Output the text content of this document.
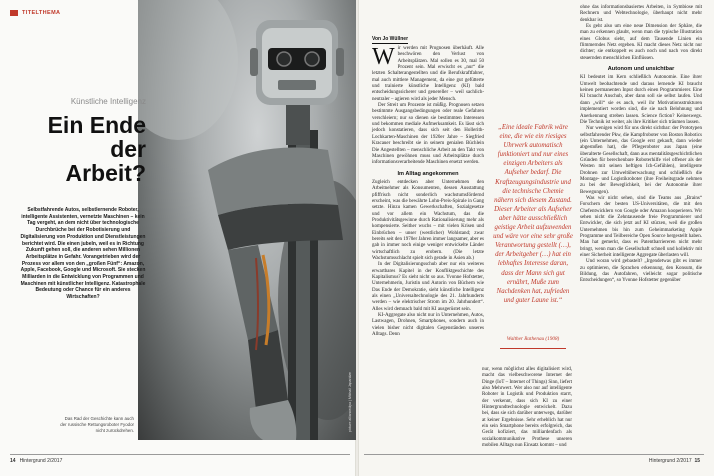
TITELTHEMA
picture alliance/dpa | Mikhail Japaridze
Künstliche Intelligenz
Ein Ende
der
Arbeit?
Selbstfahrende Autos, selbstlernende Roboter, intelligente Assistenten, vernetzte Maschinen – kein Tag vergeht, an dem nicht über technologische Durchbrüche bei der Robotisierung und Digitalisierung von Produktion und Dienstleistungen berichtet wird. Die einen jubeln, weil es in Richtung Zukunft gehen soll, die anderen sehen Millionen Arbeitsplätze in Gefahr. Vorangetrieben wird der Prozess vor allem von den „großen Fünf“: Amazon, Apple, Facebook, Google und Microsoft. Sie stecken Milliarden in die Entwicklung von Programmen und Maschinen mit künstlicher Intelligenz. Katastrophale Bedeutung oder Chance für ein anderes Wirtschaften?
Das Rad der Geschichte kann auch der russische Rettungsroboter Fyodor nicht zurückdrehen.
Von Jo Wüllner

Wir werden mit Prognosen überhäuft. Alle beschwören den Verlust von Arbeitsplätzen. Mal sollen es 30, mal 50 Prozent sein. Mal erwischt es „nur“ die letzten Schalterangestellten und die Berufskraftfahrer, mal auch mittlere Management, da eine gut gefütterte und trainierte künstliche Intelligenz (KI) bald entscheidungssicherer und genereller – weil sachlich-neutraler – agieren wird als jeder Mensch.

Der Streit um Prozente ist müßig. Prognosen setzen bestimmte Ausgangsbedingungen oder reale Gefahren verschleiern; nur so dienen sie bestimmten Interessen und bekommen mediale Aufmerksamkeit. Es lässt sich jedoch konstatieren, dass sich seit den Hollerith-Lochkarten-Maschinen der 1920er Jahre – Siegfried Kracauer beschreibt sie in seinem genialen Büchlein Die Angestellten – menschliche Arbeit an den Takt von Maschinen gewöhnen muss und Arbeitsplätze durch informationsverarbeitende Maschinen ersetzt werden.

Im Alltag angekommen

Zugleich entdecken aber Unternehmen den Arbeitnehmer als Konsumenten, dessen Ausstattung pfiffrisch nicht sonderlich wachstumsfördernd erscheint, was die bewährte Lohn-Preis-Spirale in Gang setzte. Hinzu kamen Gewerkschaften, Sozialgesetze und vor allem ein Wachstum, das die Produktivitätsgewinne durch Rationalisierung mehr als kompensierte. Seither wuchs – mit vielen Krisen und Einbrüchen – unser (westlicher) Wohlstand; zwar bereits seit den 1970er Jahren immer langsamer, aber es gab in immer noch einige weniger entwickelte Länder wirtschaftlich zu erobern. (Die letzte Wachstumsschlacht spielt sich gerade in Asien ab.)

In der Digitalisierungsschub aber nur ein weiteres erwartbares Kapitel in der Konfliktgeschichte des Kapitalismus? Es sieht nicht so aus. Yvonne Hofstetter, Unternehmerin, Juristin und Autorin von Büchern wie Das Ende der Demokratie, sieht künstliche Intelligenz als einen „Universaltechnologie des 21. Jahrhunderts werden – wie elektrischer Strom im 20. Jahrhundert“. Alles wird demnach bald mit KI ausgerüstet sein.

KI-Aggregate also nicht nur in Unternehmen, Autos, Lastwagen, Drohnen, Smartphones, sondern auch in vielen bisher nicht digitalen Gegenständen unseres Alltags. Denn

„Eine ideale Fabrik wäre eine, die wie ein riesiges Uhrwerk automatisch funktioniert und nur eines einzigen Arbeiters als Aufseher bedarf. Die Kraftzeugungsindustrie und die technische Chemie nähern sich diesem Zustand. Dieser Arbeiter als Aufseher aber hätte ausschließlich geistige Arbeit aufzuwenden und wäre vor eine sehr große Verantwortung gestellt (…), der Arbeitgeber (…) hat ein lebhaftes Interesse daran, dass der Mann sich gut ernährt, Muße zum Nachdenken hat, zufrieden und guter Laune ist.“
Walther Rathenau (1908)

nur, wenn möglichst alles digitalisiert wird, macht das vielbeschworene Internet der Dinge (IoT – Internet of Things) Sinn, liefert also Mehrwert. Wer also nur auf intelligente Roboter in Logistik und Produktion starrt, der verkennt, dass sich KI zu einer Hintergrundtechnologie entwickelt. Dazu bei, dass sie sich darüber unterwegs, darüber at keiner Ergebnisse. Sehr erheblich hat nur ein sein Smartphone bereits erfolgreich, das Gerät kofiziert, das milliardenfach als sozialkommunikative Prothese unseren mobilen Alltags nun Einsatz kommt – und

ohne das informationsbasiertes Arbeiten, in Symbiose mit Rechnern und Webtechnologie, überhaupt nicht mehr denkbar ist.

Es geht also um eine neue Dimension der Sphäre, die man zu erkennen glaubt, wenn man die typische Illustration eines Globus sieht, auf dem Tausende Linien ein flimmerndes Netz ergeben. KI macht dieses Netz nicht nur dichter; sie entkoppelt es auch noch und nach von direkt steuernden menschlichen Einflüssen.

Autonom und unsichtbar

KI bedeutet im Kern schließlich Autonomie. Eine ihrer Umwelt beobachtende und daraus lernende KI braucht keinen permanenten Input durch einen Programmierer. Eine KI braucht Anschub, aber dann soll sie selbst laufen. Und dann „will“ sie es auch, weil ihr Motivationsstrukturen implementiert worden sind, die sie nach Belohnung und Anerkennung streben lassen. Science fiction? Keineswegs. Die Technik ist weiter, als ihre Kritiker sich träumen lassen.

Nur wenigen wird für uns direkt sichtbar: der Prototypen selbstfahrender Pkw, die Kampfroboter von Boston Robotics (ein Unternehmen, das Google erst gekauft, dann wieder abgestoßen hat), die Pflegeroboter aus Japan (eine überalterte Gesellschaft, dann aus mentalitätsgeschichtlichen Gründen für berechenbare Roboterhilfe viel offener als der Westen mit seinen heftigen Ich-Gefühlen), intelligente Drohnen zur Umweltüberwachung und schließlich die Montage- und Logistikroboter (ihre Freiheitsgrade nehmen zu bei der Beweglichkeit, bei der Autonomie ihrer Bewegungen).

Was wir nicht sehen, sind die Teams aus „Brains“ Forschern der besten US-Universitäten, die mit den Chefentwicklern von Google oder Amazon kooperieren. Wir sehen nicht die Zehntausende freie Programmierer und Entwickler, die sich jetzt auf KI stürzen, weil die großen Unternehmen bis hin zum Geheimmarketing Apple Programme und Teilbereiche Open Source hergestellt haben. Man hat gemerkt, dass es Patentbarriereren nicht mehr bringt, wenn man die Gesellschaft schnell und kollektiv mit einer Sicherheit intelligente Aggregate überlasten will.

Und woran wird gebastelt? „Irgendetwas gibt es immer zu optimieren, die Sprachen erkennung, den Konsum, die Bildung, das Autofahren, vielleicht sogar politische Entscheidungen“, so Yvonne Hofstetter gegenüber

14 Hintergrund 2/2017	Hintergrund 2/2017 15
